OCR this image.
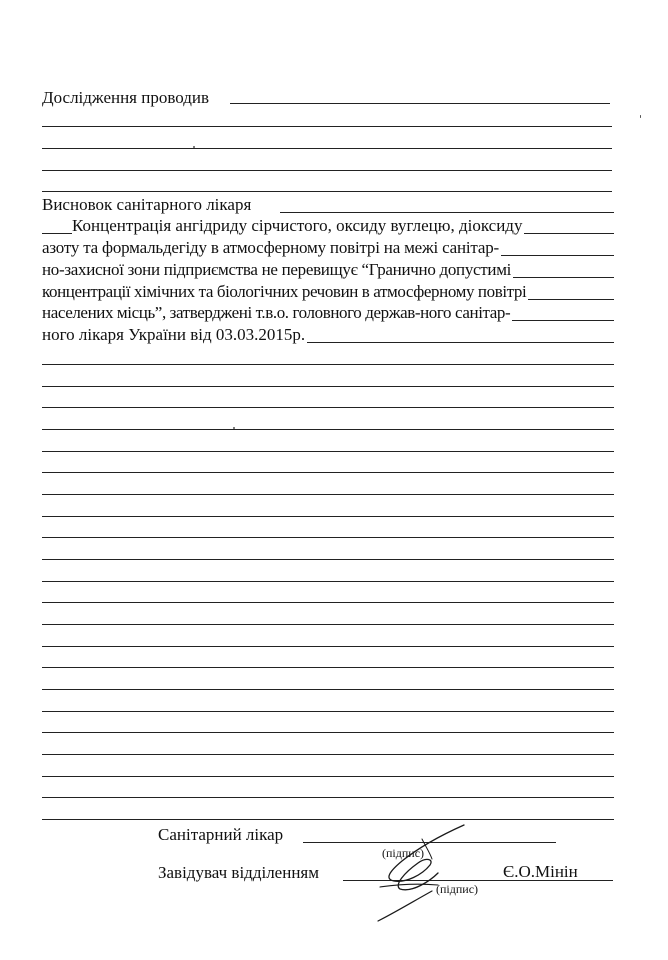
Дослідження проводив
Висновок санітарного лікаря
Концентрація ангідриду сірчистого, оксиду вуглецю, діоксиду
азоту та формальдегіду в атмосферному повітрі на межі санітар-
но-захисної зони підприємства не перевищує “Гранично допустимі
концентрації хімічних та біологічних речовин в атмосферному повітрі
населених місць”, затверджені т.в.о. головного держав-ного санітар-
ного лікаря України від 03.03.2015р.
Санітарний лікар
(підпис)
Завідувач відділенням	Є.О.Мінін
(підпис)
